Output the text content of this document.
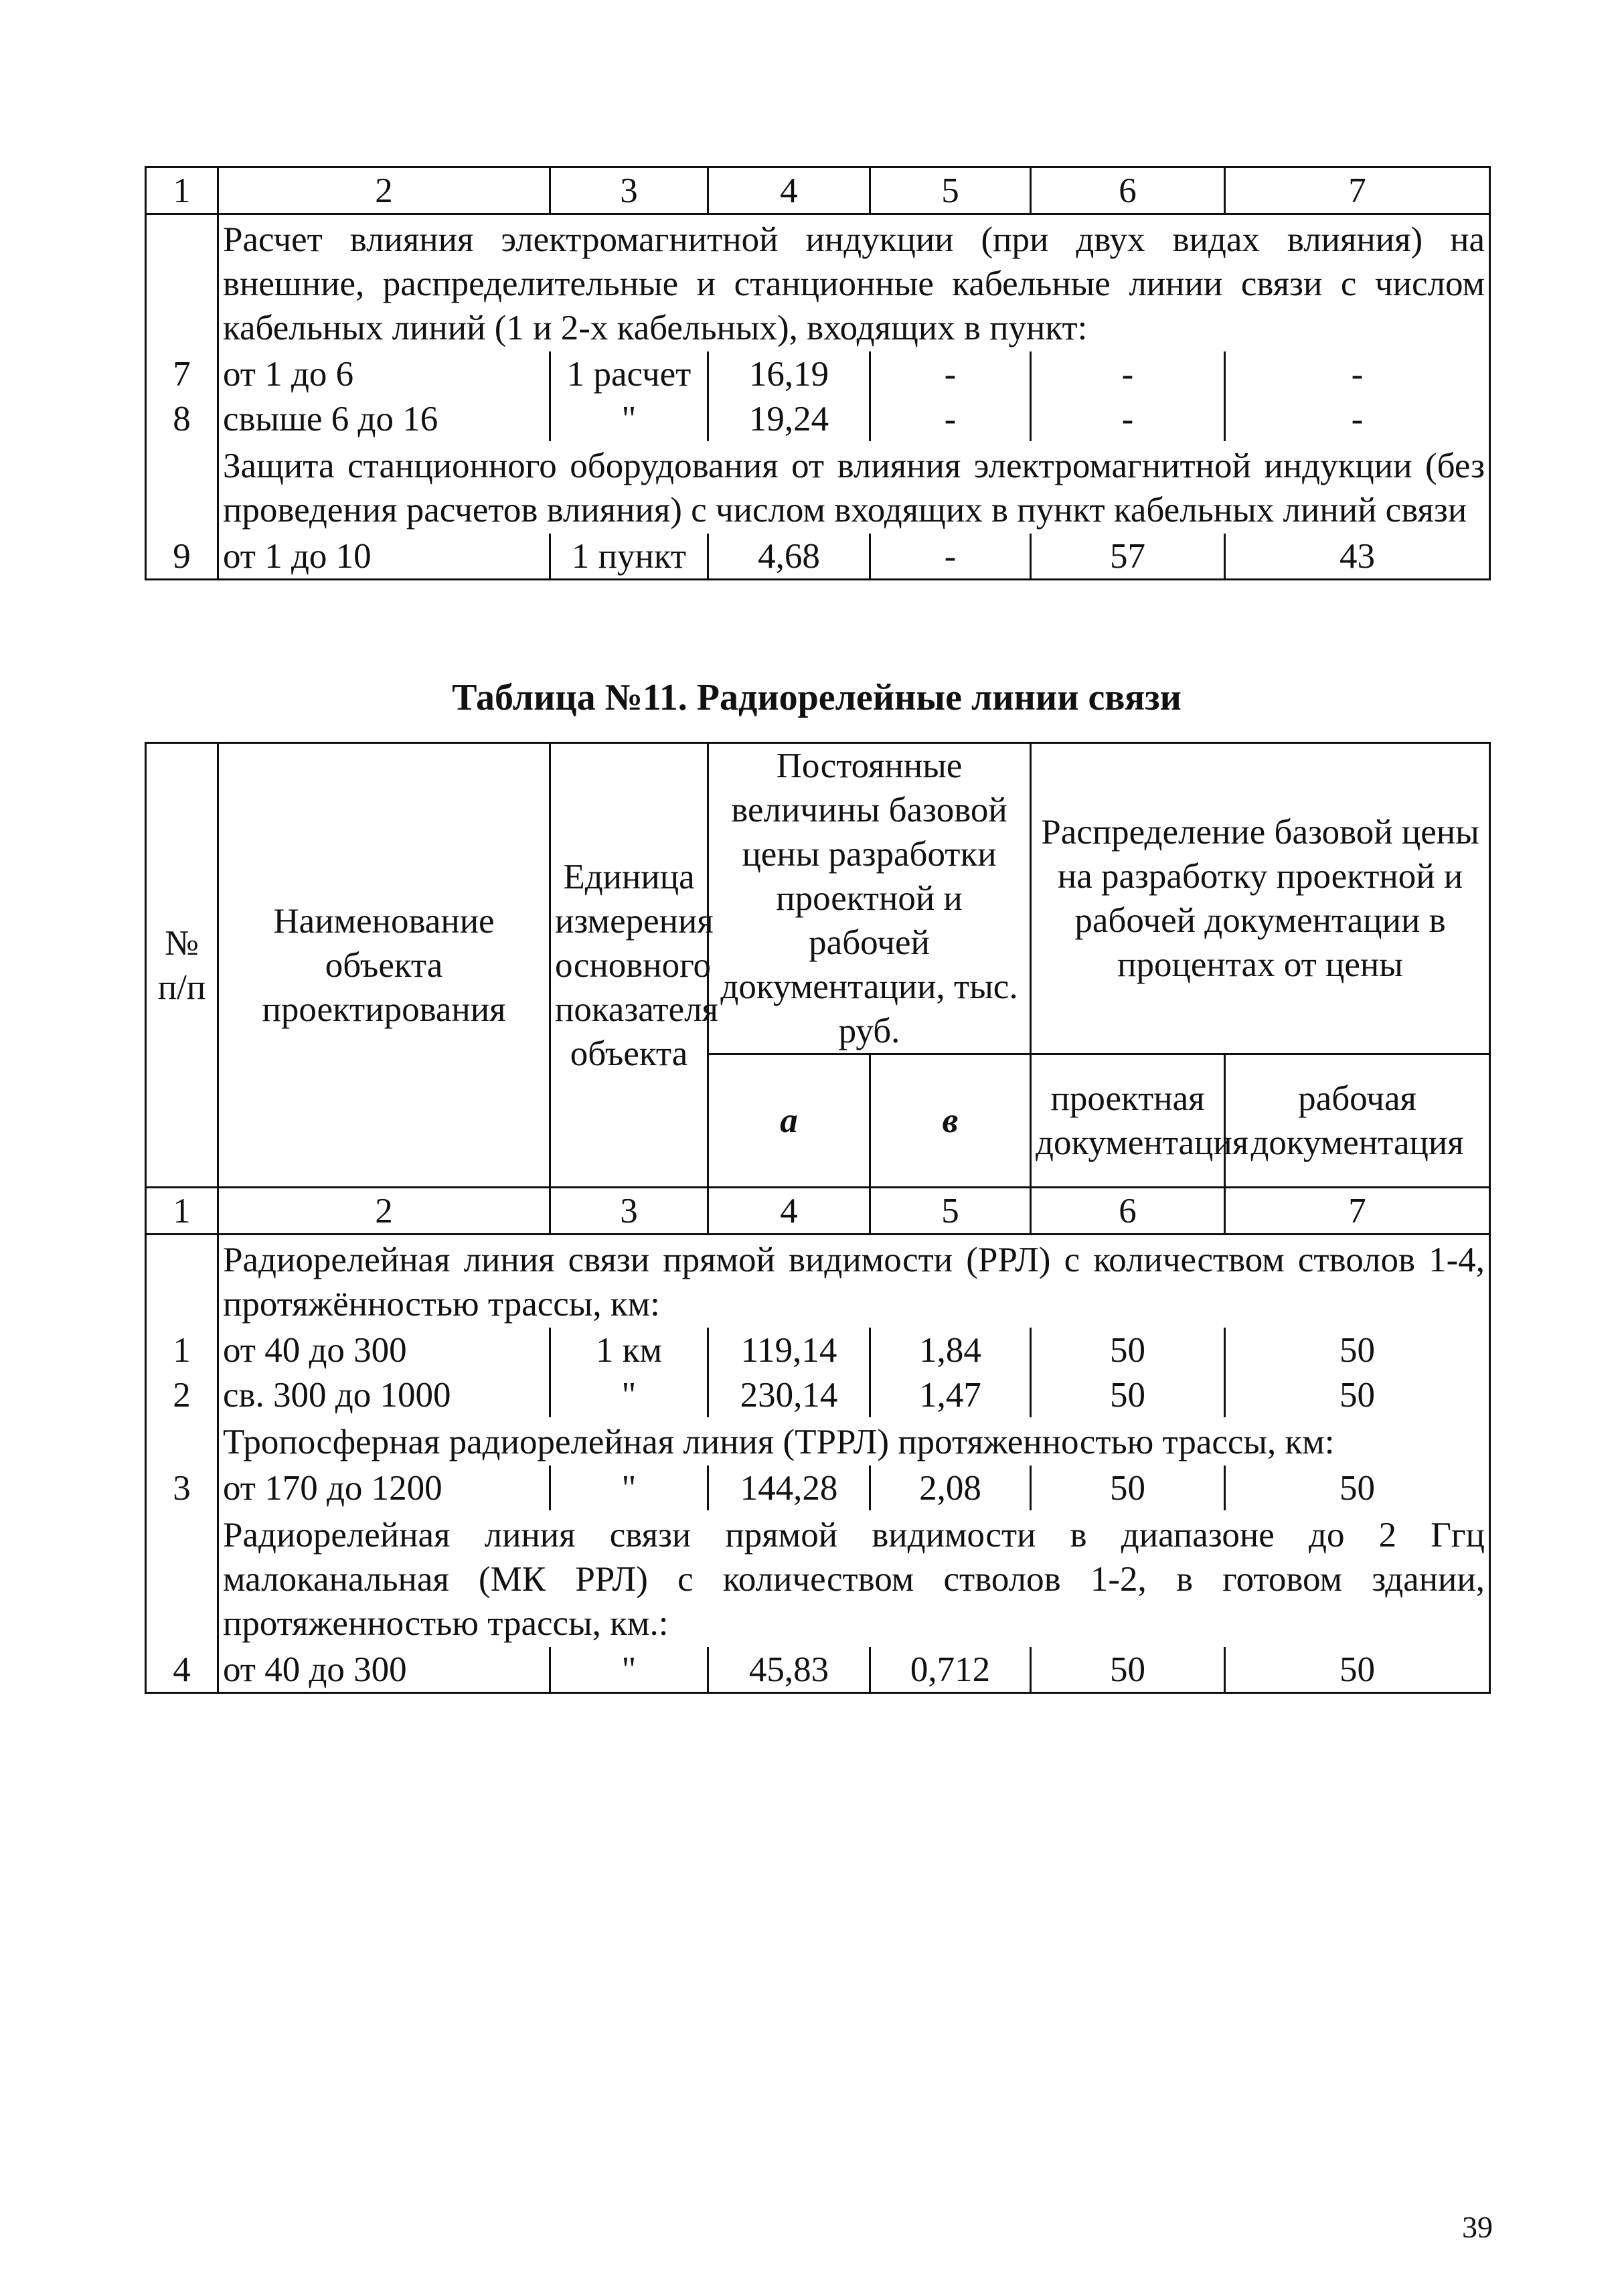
1	2	3	4	5	6	7
	Расчет влияния электромагнитной индукции (при двух видах влияния) на внешние, распределительные и станционные кабельные линии связи с числом кабельных линий (1 и 2-х кабельных), входящих в пункт:					
7	от 1 до 6	1 расчет	16,19	-	-	-
8	свыше 6 до 16	"	19,24	-	-	-
	Защита станционного оборудования от влияния электромагнитной индукции (без проведения расчетов влияния) с числом входящих в пункт кабельных линий связи					
9	от 1 до 10	1 пункт	4,68	-	57	43
Таблица №11. Радиорелейные линии связи
№ п/п	Наименование объекта проектирования	Единица измерения основного показателя объекта	Постоянные величины базовой цены разработки проектной и рабочей документации, тыс. руб.		Распределение базовой цены на разработку проектной и рабочей документации в процентах от цены	
			а	в	проектная документация	рабочая документация
1	2	3	4	5	6	7
	Радиорелейная линия связи прямой видимости (РРЛ) с количеством стволов 1-4, протяжённостью трассы, км:					
1	от 40 до 300	1 км	119,14	1,84	50	50
2	св. 300 до 1000	"	230,14	1,47	50	50
	Тропосферная радиорелейная линия (ТРРЛ) протяженностью трассы, км:					
3	от 170 до 1200	"	144,28	2,08	50	50
	Радиорелейная линия связи прямой видимости в диапазоне до 2 Ггц малоканальная (МК РРЛ) с количеством стволов 1-2, в готовом здании, протяженностью трассы, км.:					
4	от 40 до 300	"	45,83	0,712	50	50
39
